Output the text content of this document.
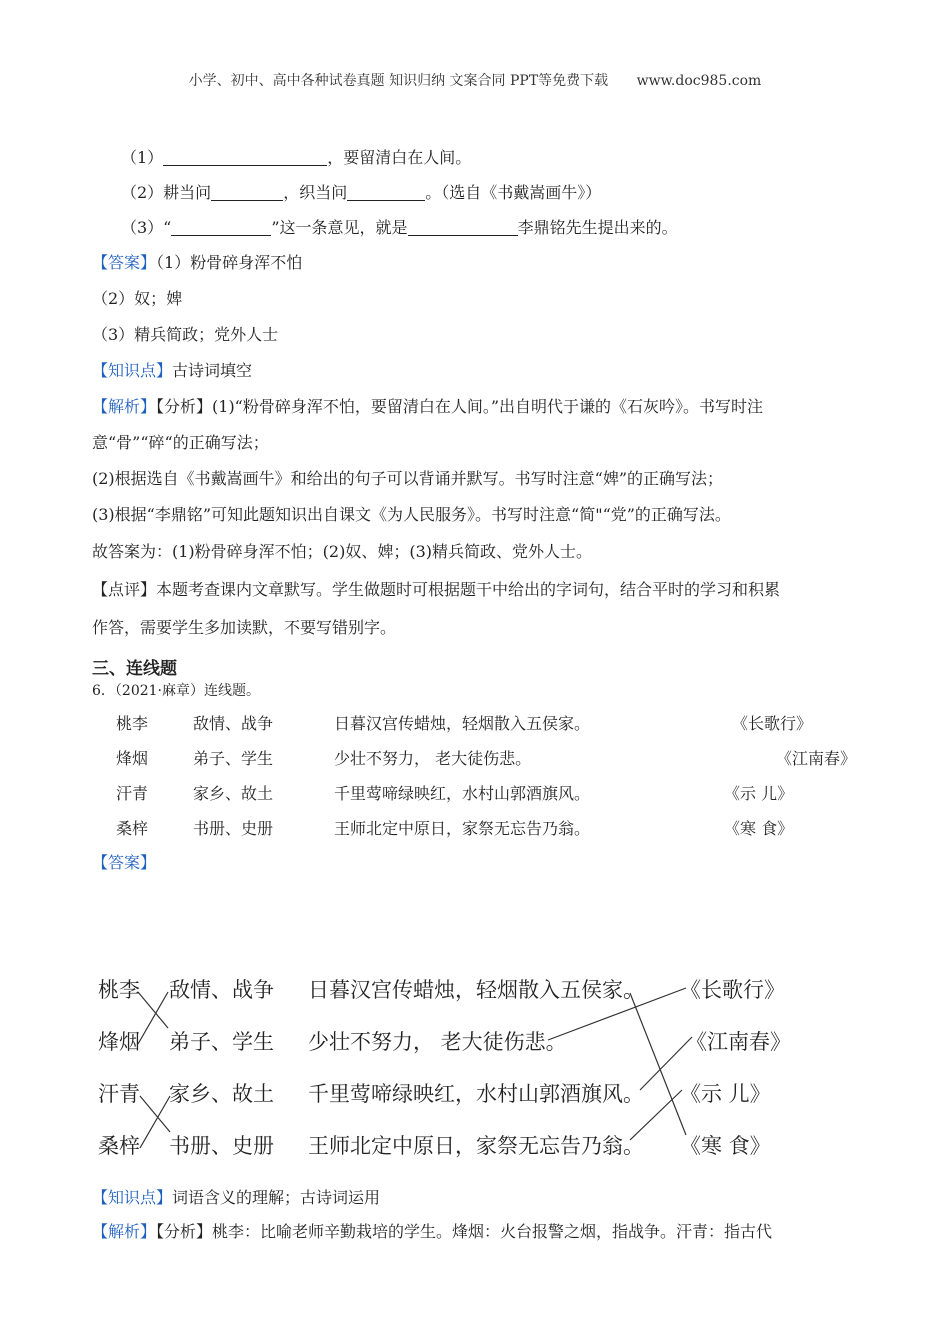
小学、初中、高中各种试卷真题 知识归纳 文案合同 PPT等免费下载 www.doc985.com
（1）	，要留清白在人间。
（2）耕当问	，织当问	。（选自《书戴嵩画牛》）
（3）“	”这一条意见，就是	李鼎铭先生提出来的。
【答案】（1）粉骨碎身浑不怕
（2）奴；婢
（3）精兵简政；党外人士
【知识点】古诗词填空
【解析】【分析】(1)“粉骨碎身浑不怕，要留清白在人间。”出自明代于谦的《石灰吟》。书写时注
意“骨”“碎“的正确写法；
(2)根据选自《书戴嵩画牛》和给出的句子可以背诵并默写。书写时注意“婢”的正确写法；
(3)根据“李鼎铭”可知此题知识出自课文《为人民服务》。书写时注意“简"“党”的正确写法。
故答案为：(1)粉骨碎身浑不怕；(2)奴、婢；(3)精兵简政、党外人士。
【点评】本题考查课内文章默写。学生做题时可根据题干中给出的字词句，结合平时的学习和积累
作答，需要学生多加读默，不要写错别字。
三、连线题
6．（2021·麻章）连线题。
桃李	敌情、战争	日暮汉宫传蜡烛，轻烟散入五侯家。	《长歌行》
烽烟	弟子、学生	少壮不努力， 老大徒伤悲。	《江南春》
汗青	家乡、故土	千里莺啼绿映红，水村山郭酒旗风。	《示 儿》
桑梓	书册、史册	王师北定中原日，家祭无忘告乃翁。	《寒 食》
【答案】
桃李 敌情、战争 日暮汉宫传蜡烛，轻烟散入五侯家。 《长歌行》
烽烟 弟子、学生 少壮不努力， 老大徒伤悲。	《江南春》
汗青 家乡、故土 千里莺啼绿映红，水村山郭酒旗风。 《示 儿》
桑梓 书册、史册 王师北定中原日，家祭无忘告乃翁。 《寒 食》
【知识点】词语含义的理解；古诗词运用
【解析】【分析】桃李：比喻老师辛勤栽培的学生。烽烟：火台报警之烟，指战争。汗青：指古代
